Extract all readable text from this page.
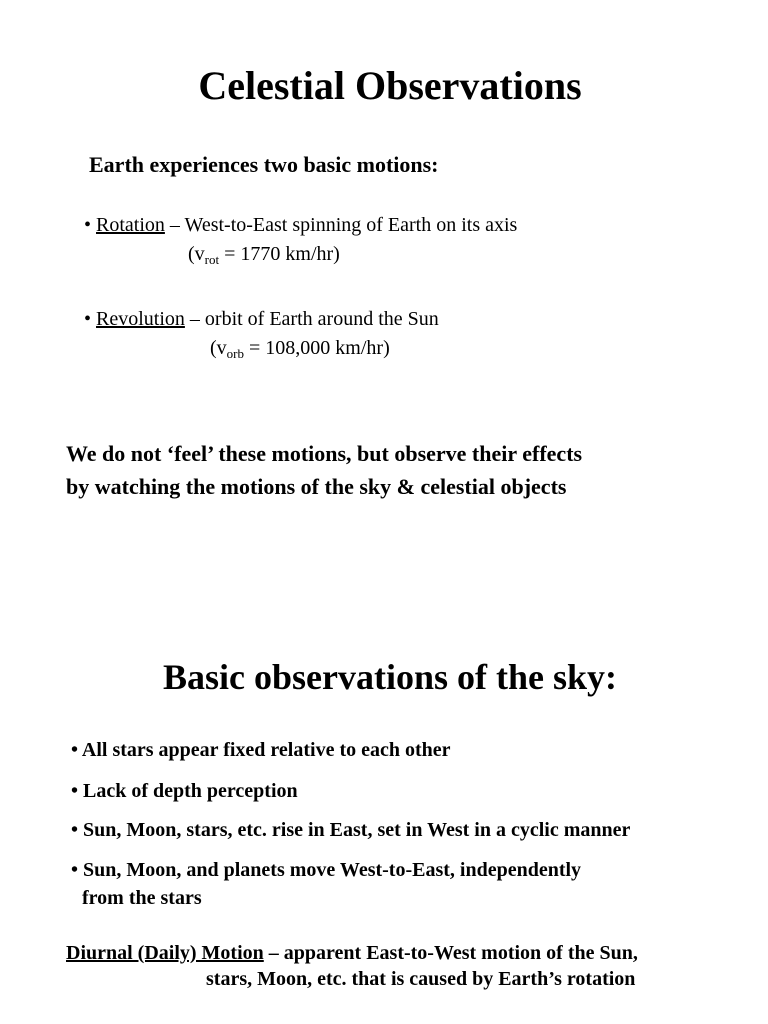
Celestial Observations
Earth experiences two basic motions:
• Rotation – West-to-East spinning of Earth on its axis
($v_{rot} = 1770$ km/hr)
• Revolution – orbit of Earth around the Sun
($v_{orb} = 108,000$ km/hr)
We do not ‘feel’ these motions, but observe their effects
by watching the motions of the sky & celestial objects
Basic observations of the sky:
• All stars appear fixed relative to each other
• Lack of depth perception
• Sun, Moon, stars, etc. rise in East, set in West in a cyclic manner
• Sun, Moon, and planets move West-to-East, independently
from the stars
Diurnal (Daily) Motion – apparent East-to-West motion of the Sun,
stars, Moon, etc. that is caused by Earth’s rotation
